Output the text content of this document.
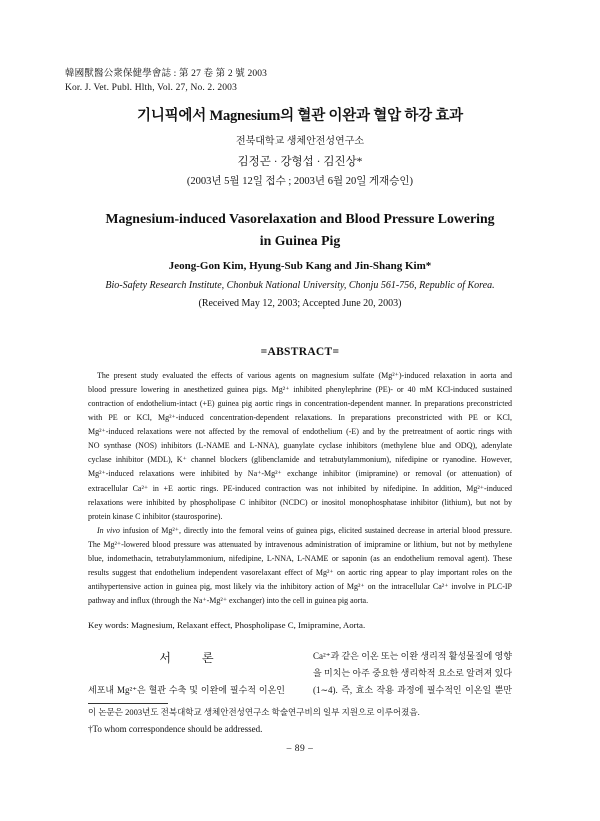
韓國獸醫公衆保健學會誌 : 第 27 卷 第 2 號 2003
Kor. J. Vet. Publ. Hlth, Vol. 27, No. 2. 2003
기니픽에서 Magnesium의 혈관 이완과 혈압 하강 효과
전북대학교 생체안전성연구소
김정곤 · 강형섭 · 김진상*
(2003년 5월 12일 접수 ; 2003년 6월 20일 게재승인)
Magnesium-induced Vasorelaxation and Blood Pressure Lowering
in Guinea Pig
Jeong-Gon Kim, Hyung-Sub Kang and Jin-Shang Kim*
Bio-Safety Research Institute, Chonbuk National University, Chonju 561-756, Republic of Korea.
(Received May 12, 2003; Accepted June 20, 2003)
=ABSTRACT=
The present study evaluated the effects of various agents on magnesium sulfate (Mg²⁺)-induced relaxation in aorta and
blood pressure lowering in anesthetized guinea pigs. Mg²⁺ inhibited phenylephrine (PE)- or 40 mM KCl-induced sustained
contraction of endothelium-intact (+E) guinea pig aortic rings in concentration-dependent manner. In preparations preconstricted
with PE or KCl, Mg²⁺-induced concentration-dependent relaxations. In preparations preconstricted with PE or KCl,
Mg²⁺-induced relaxations were not affected by the removal of endothelium (-E) and by the pretreatment of aortic rings with
NO synthase (NOS) inhibitors (L-NAME and L-NNA), guanylate cyclase inhibitors (methylene blue and ODQ), adenylate
cyclase inhibitor (MDL), K⁺ channel blockers (glibenclamide and tetrabutylammonium), nifedipine or ryanodine. However,
Mg²⁺-induced relaxations were inhibited by Na⁺-Mg²⁺ exchange inhibitor (imipramine) or removal (or attenuation) of
extracellular Ca²⁺ in +E aortic rings. PE-induced contraction was not inhibited by nifedipine. In addition, Mg²⁺-induced
relaxations were inhibited by phospholipase C inhibitor (NCDC) or inositol monophosphatase inhibitor (lithium), but not by
protein kinase C inhibitor (staurosporine).
In vivo infusion of Mg²⁺, directly into the femoral veins of guinea pigs, elicited sustained decrease in arterial blood pressure.
The Mg²⁺-lowered blood pressure was attenuated by intravenous administration of imipramine or lithium, but not by methylene
blue, indomethacin, tetrabutylammonium, nifedipine, L-NNA, L-NAME or saponin (as an endothelium removal agent). These
results suggest that endothelium independent vasorelaxant effect of Mg²⁺ on aortic ring appear to play important roles on the
antihypertensive action in guinea pig, most likely via the inhibitory action of Mg²⁺ on the intracellular Ca²⁺ involve in PLC-IP
pathway and influx (through the Na⁺-Mg²⁺ exchanger) into the cell in guinea pig aorta.
Key words: Magnesium, Relaxant effect, Phospholipase C, Imipramine, Aorta.
서 론
세포내 Mg²⁺은 혈관 수축 및 이완에 필수적 이온인
Ca²⁺과 같은 이온 또는 이완 생리적 활성물질에 영향
을 미치는 아주 중요한 생리학적 요소로 알려져 있다
(1∼4). 즉, 효소 작용 과정에 필수적인 이온일 뿐만
이 논문은 2003년도 전북대학교 생체안전성연구소 학술연구비의 일부 지원으로 이루어졌음.
†To whom correspondence should be addressed.
– 89 –
